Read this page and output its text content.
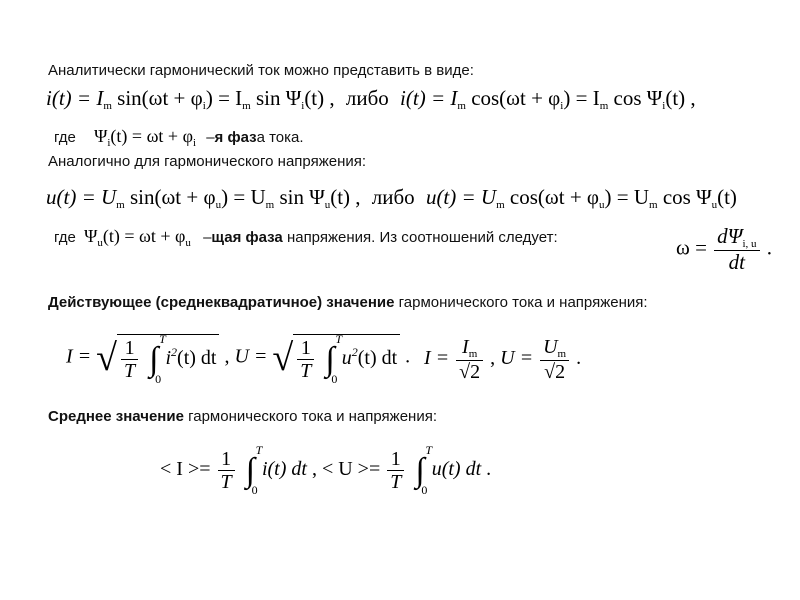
Аналитически гармонический ток можно представить в виде:
$i(t) = I_m$ $\sin(\omega t + \varphi_i) = I_m$ $\sin \Psi_i(t)$ , либо $i(t) = I_m$ $\cos(\omega t + \varphi_i) = I_m$ $\cos \Psi_i(t)$ ,
где $\Psi_i(t) = \omega t + \varphi_i$ –я фаза тока.
Аналогично для гармонического напряжения:
$u(t) = U_m$ $\sin(\omega t + \varphi_u) = U_m$ $\sin \Psi_u(t)$ , либо $u(t) = U_m$ $\cos(\omega t + \varphi_u) = U_m$ $\cos \Psi_u(t)$
где $\Psi_u(t) = \omega t + \varphi_u$ –щая фаза напряжения. Из соотношений следует:	$\omega = \frac{d\Psi_{i, u}}{dt}$ .
Действующее (среднеквадратичное) значение гармонического тока и напряжения:
I = √ $\frac{1}{T}$ ∫
T
0
$i^2(t)$ dt , U = √ $\frac{1}{T}$ ∫
T
0
$u^2(t)$ dt . $I = \frac{I_m}{√2}$ , $U = \frac{U_m}{√2}$ .
Среднее значение гармонического тока и напряжения:
< $I >= \frac{1}{T}$ ∫
T
0
i(t) dt , < $U >= \frac{1}{T}$ ∫
T
0
u(t) dt .
